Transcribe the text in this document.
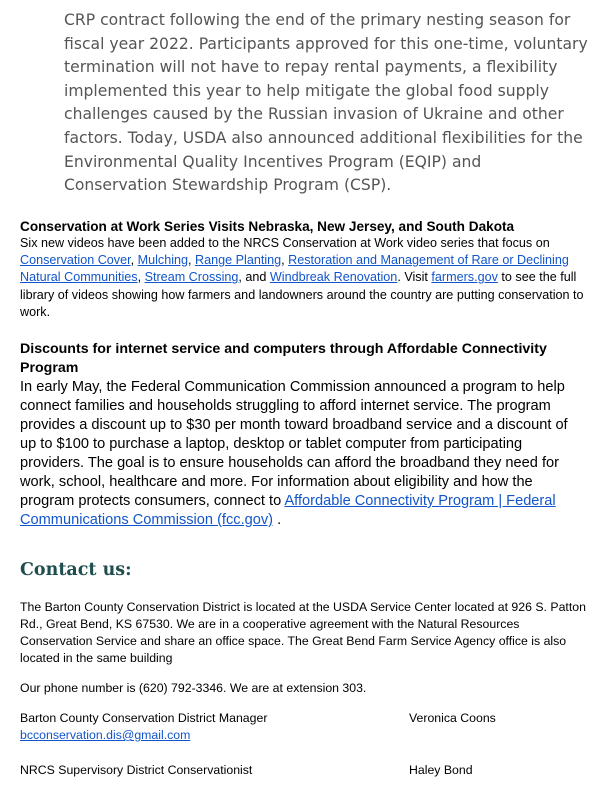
CRP contract following the end of the primary nesting season for fiscal year 2022. Participants approved for this one-time, voluntary termination will not have to repay rental payments, a flexibility implemented this year to help mitigate the global food supply challenges caused by the Russian invasion of Ukraine and other factors. Today, USDA also announced additional flexibilities for the Environmental Quality Incentives Program (EQIP) and Conservation Stewardship Program (CSP).

Conservation at Work Series Visits Nebraska, New Jersey, and South Dakota

Six new videos have been added to the NRCS Conservation at Work video series that focus on Conservation Cover, Mulching, Range Planting, Restoration and Management of Rare or Declining Natural Communities, Stream Crossing, and Windbreak Renovation. Visit farmers.gov to see the full library of videos showing how farmers and landowners around the country are putting conservation to work.

Discounts for internet service and computers through Affordable Connectivity Program

In early May, the Federal Communication Commission announced a program to help connect families and households struggling to afford internet service. The program provides a discount up to $30 per month toward broadband service and a discount of up to $100 to purchase a laptop, desktop or tablet computer from participating providers. The goal is to ensure households can afford the broadband they need for work, school, healthcare and more. For information about eligibility and how the program protects consumers, connect to Affordable Connectivity Program | Federal Communications Commission (fcc.gov) .

Contact us:

The Barton County Conservation District is located at the USDA Service Center located at 926 S. Patton Rd., Great Bend, KS 67530. We are in a cooperative agreement with the Natural Resources Conservation Service and share an office space. The Great Bend Farm Service Agency office is also located in the same building

Our phone number is (620) 792-3346. We are at extension 303.

Barton County Conservation District Manager	Veronica Coons

bcconservation.dis@gmail.com

NRCS Supervisory District Conservationist	Haley Bond
